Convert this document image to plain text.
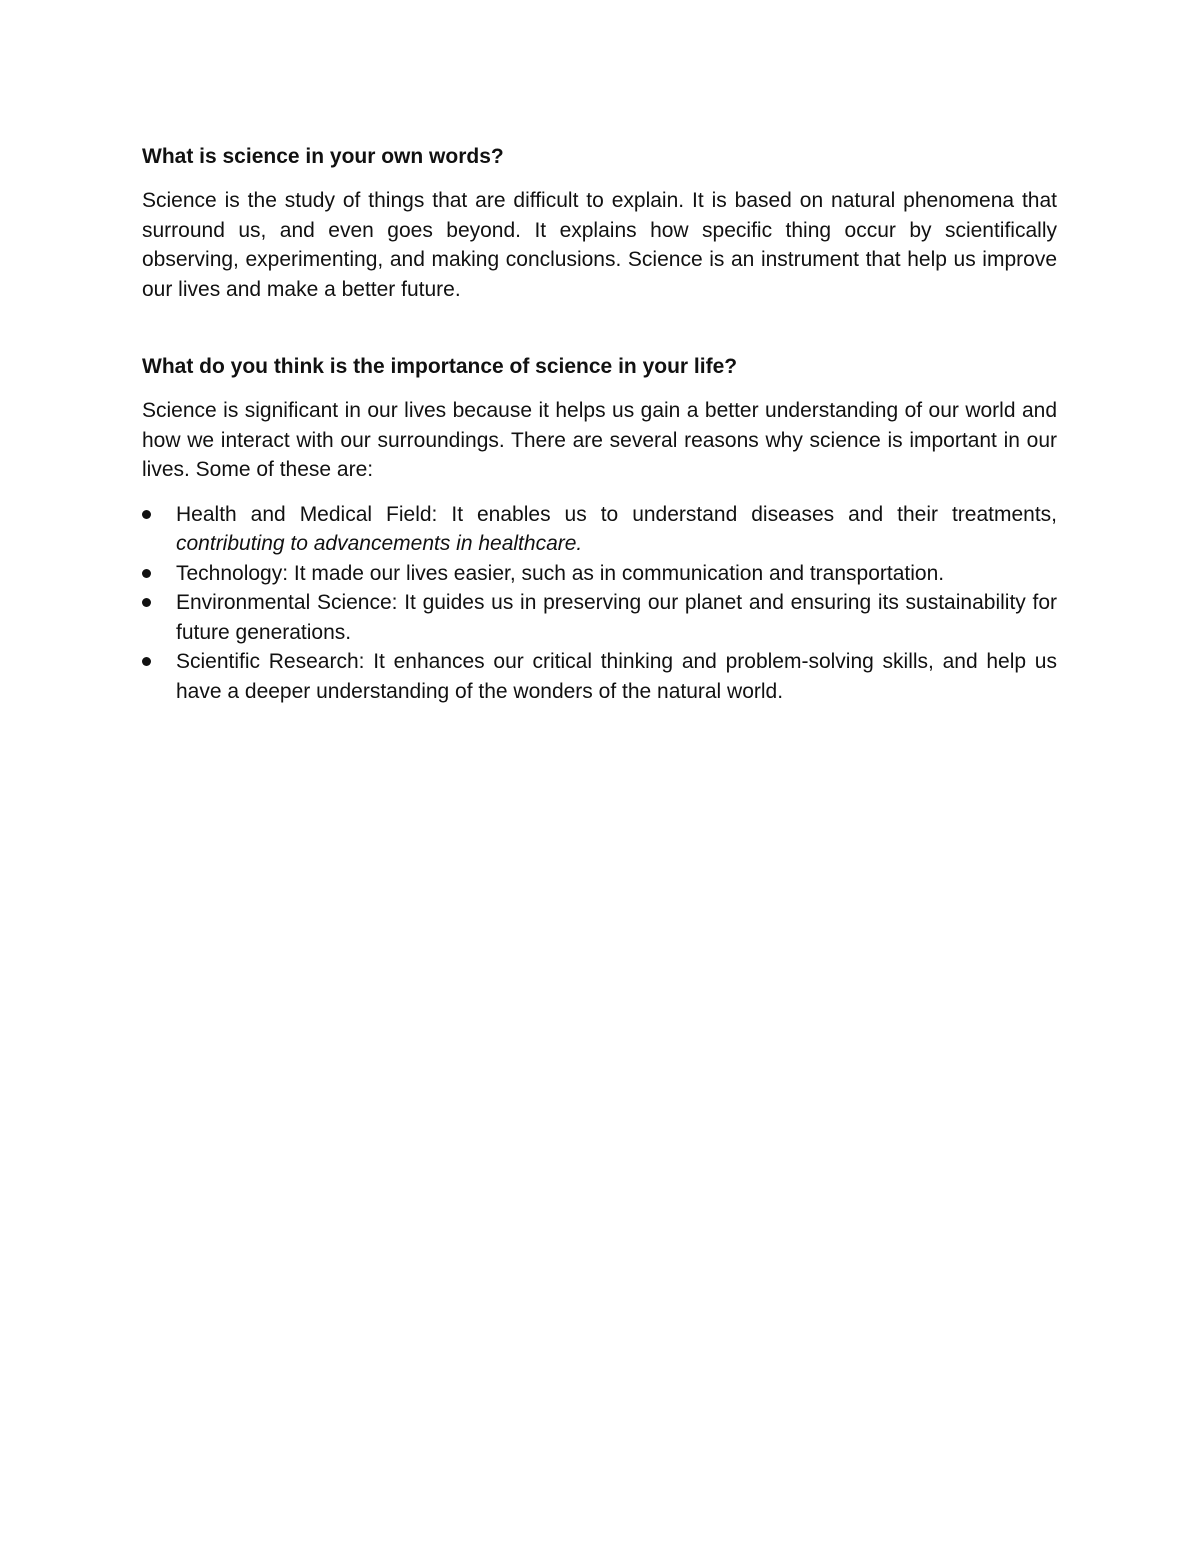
What is science in your own words?

Science is the study of things that are difficult to explain. It is based on natural phenomena that surround us, and even goes beyond. It explains how specific thing occur by scientifically observing, experimenting, and making conclusions. Science is an instrument that help us improve our lives and make a better future.

What do you think is the importance of science in your life?

Science is significant in our lives because it helps us gain a better understanding of our world and how we interact with our surroundings. There are several reasons why science is important in our lives. Some of these are:

Health and Medical Field: It enables us to understand diseases and their treatments, contributing to advancements in healthcare.
Technology: It made our lives easier, such as in communication and transportation.
Environmental Science: It guides us in preserving our planet and ensuring its sustainability for future generations.
Scientific Research: It enhances our critical thinking and problem-solving skills, and help us have a deeper understanding of the wonders of the natural world.
